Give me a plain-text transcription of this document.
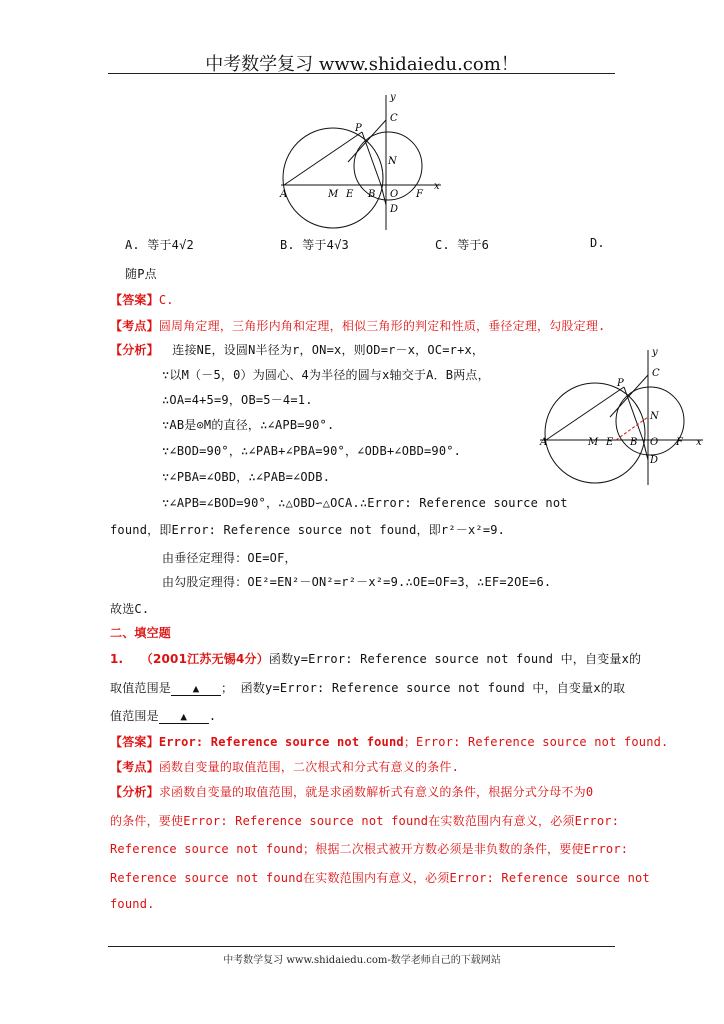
中考数学复习 www.shidaiedu.com！
y
C
P
N
A	M E B O F
x
D
A. 等于4√2	B. 等于4√3	C. 等于6	D.
随P点
【答案】C.
【考点】圆周角定理，三角形内角和定理，相似三角形的判定和性质，垂径定理，勾股定理.
【分析】 连接NE，设圆N半径为r，ON=x，则OD=r－x，OC=r+x，
∵以M（－5，0）为圆心、4为半径的圆与x轴交于A．B两点，
∴OA=4+5=9，OB=5－4=1.
∵AB是⊙M的直径，∴∠APB=90°.
∵∠BOD=90°，∴∠PAB+∠PBA=90°，∠ODB+∠OBD=90°.
∵∠PBA=∠OBD，∴∠PAB=∠ODB.
∵∠APB=∠BOD=90°，∴△OBD∽△OCA.∴Error: Reference source not
found，即Error: Reference source not found，即r²－x²=9.
由垂径定理得：OE=OF，
由勾股定理得：OE²=EN²－ON²=r²－x²=9.∴OE=OF=3，∴EF=2OE=6.
故选C.
y
C
P
N
A	M E B O F x
D
二、填空题
1. （2001江苏无锡4分）函数y=Error: Reference source not found 中，自变量x的
取值范围是 ▲ ； 函数y=Error: Reference source not found 中，自变量x的取
值范围是 ▲ .
【答案】Error: Reference source not found；Error: Reference source not found.
【考点】函数自变量的取值范围，二次根式和分式有意义的条件.
【分析】求函数自变量的取值范围，就是求函数解析式有意义的条件，根据分式分母不为0
的条件，要使Error: Reference source not found在实数范围内有意义，必须Error:
Reference source not found；根据二次根式被开方数必须是非负数的条件，要使Error:
Reference source not found在实数范围内有意义，必须Error: Reference source not
found.
中考数学复习 www.shidaiedu.com-数学老师自己的下载网站
